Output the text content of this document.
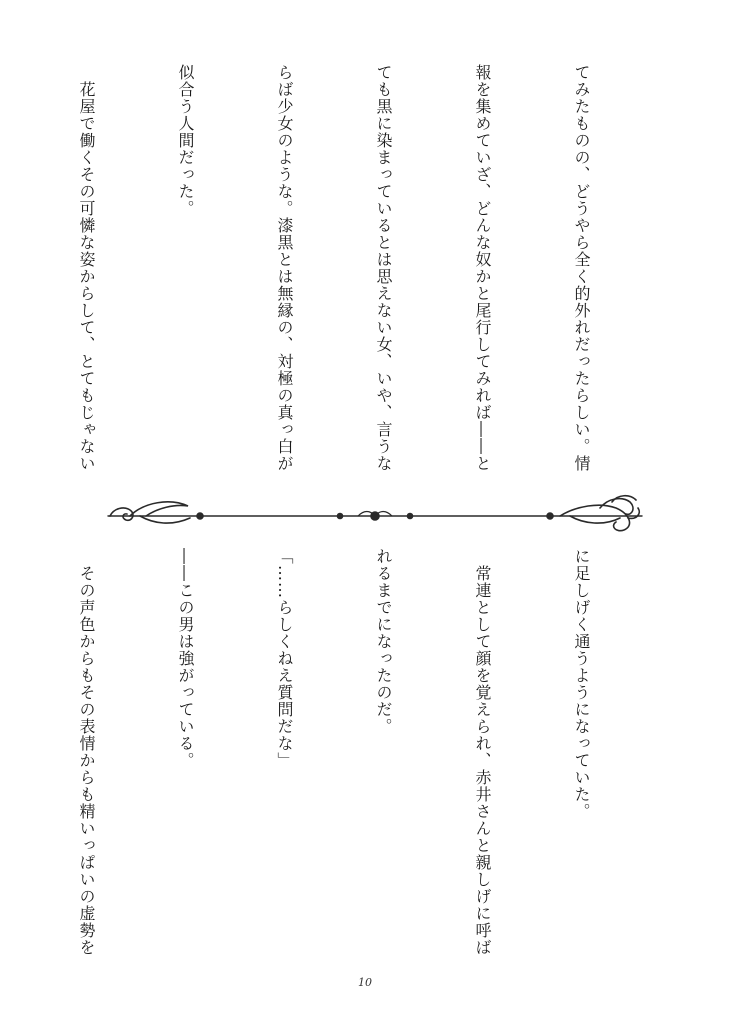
てみたものの、どうやら全く的外れだったらしい。情

報を集めていざ、どんな奴かと尾行してみれば――と

ても黒に染まっているとは思えない女、いや、言うな

らば少女のような。漆黒とは無縁の、対極の真っ白が

似合う人間だった。

　花屋で働くその可憐な姿からして、とてもじゃない

に足しげく通うようになっていた。

　常連として顔を覚えられ、赤井さんと親しげに呼ば

れるまでになったのだ。

「……らしくねえ質問だな」

――この男は強がっている。

　その声色からもその表情からも精いっぱいの虚勢を

10
